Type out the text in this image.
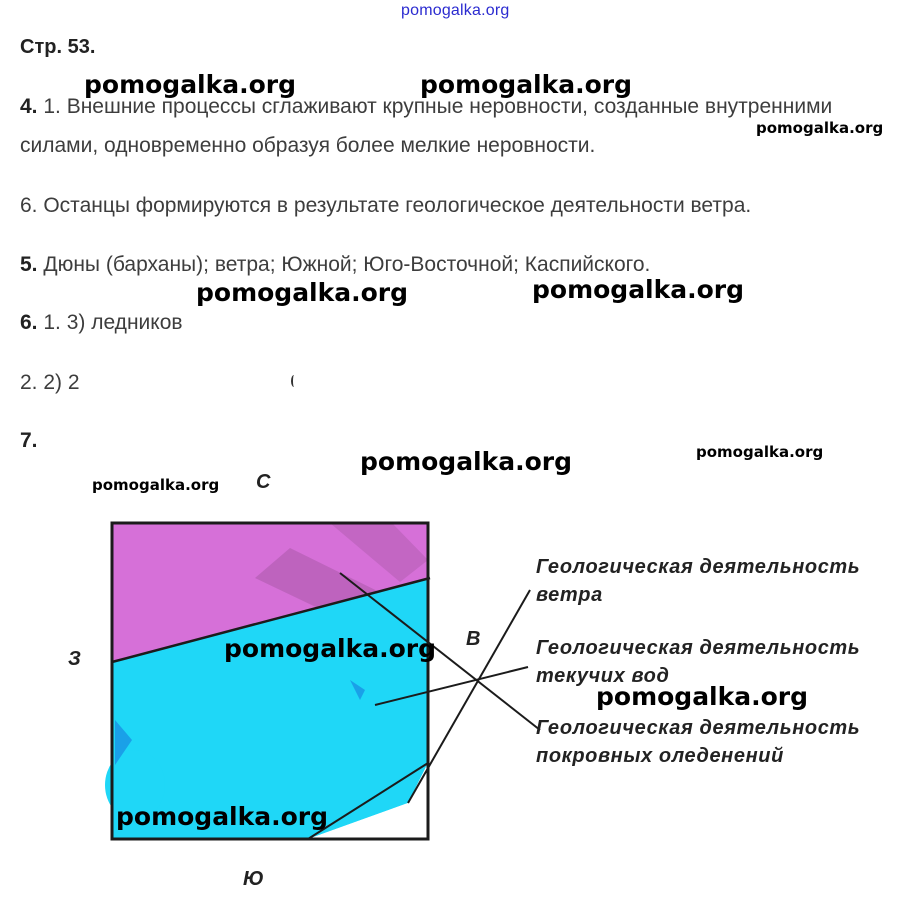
pomogalka.org
Стр. 53.
4. 1. Внешние процессы сглаживают крупные неровности, созданные внутренними
силами, одновременно образуя более мелкие неровности.
6. Останцы формируются в результате геологическое деятельности ветра.
5. Дюны (барханы); ветра; Южной; Юго-Восточной; Каспийского.
6. 1. 3) ледников
2. 2) 2
7.
С
З
В
Ю
Геологическая деятельность ветра
Геологическая деятельность текучих вод
Геологическая деятельность покровных оледенений
pomogalka.org	pomogalka.org
pomogalka.org
pomogalka.org	pomogalka.org
pomogalka.org	pomogalka.org
pomogalka.org
pomogalka.org
pomogalka.org
pomogalka.org
